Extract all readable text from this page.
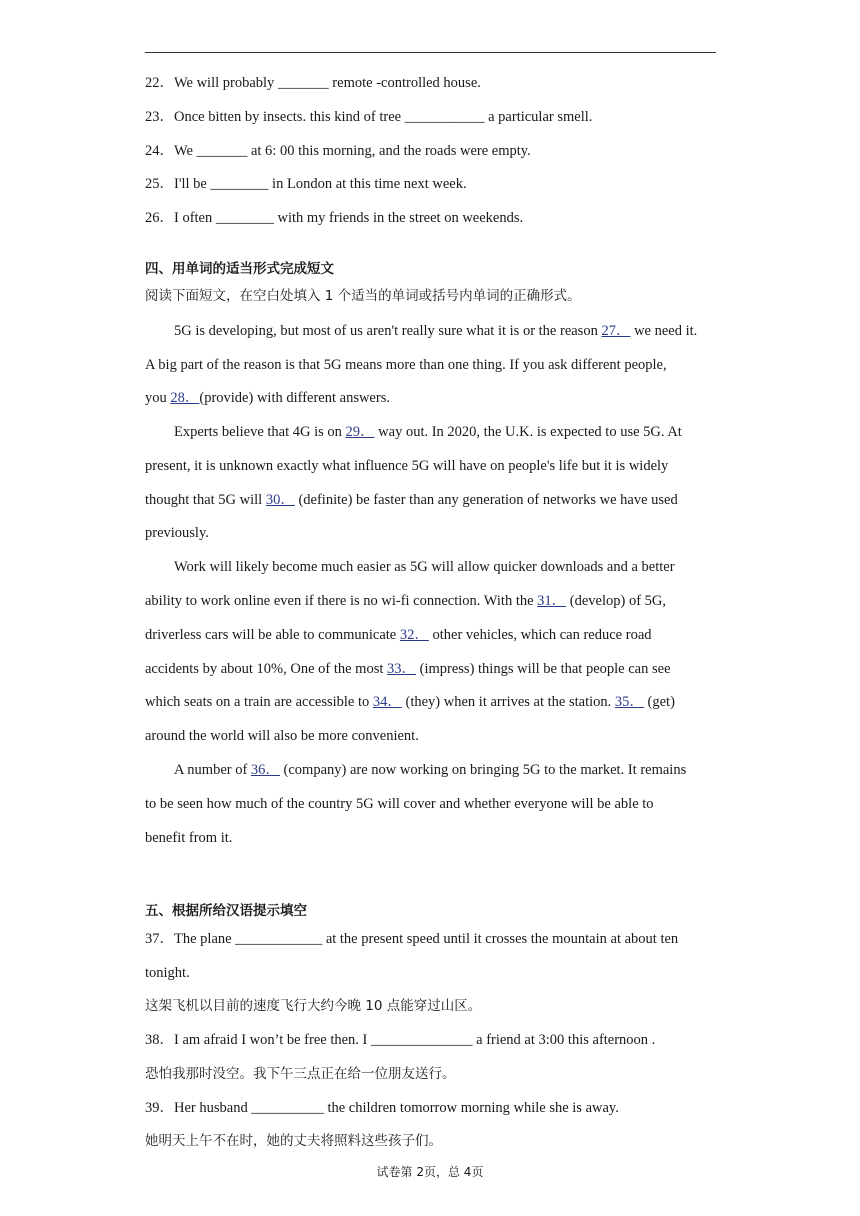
22．We will probably _______ remote -controlled house.
23．Once bitten by insects. this kind of tree ___________ a particular smell.
24．We _______ at 6: 00 this morning, and the roads were empty.
25．I'll be ________ in London at this time next week.
26．I often ________ with my friends in the street on weekends.
四、用单词的适当形式完成短文
阅读下面短文，在空白处填入 1 个适当的单词或括号内单词的正确形式。
5G is developing, but most of us aren't really sure what it is or the reason 27． we need it.
A big part of the reason is that 5G means more than one thing. If you ask different people,
you 28．(provide) with different answers.
Experts believe that 4G is on 29． way out. In 2020, the U.K. is expected to use 5G. At
present, it is unknown exactly what influence 5G will have on people's life but it is widely
thought that 5G will 30． (definite) be faster than any generation of networks we have used
previously.
Work will likely become much easier as 5G will allow quicker downloads and a better
ability to work online even if there is no wi-fi connection. With the 31． (develop) of 5G,
driverless cars will be able to communicate 32． other vehicles, which can reduce road
accidents by about 10%, One of the most 33． (impress) things will be that people can see
which seats on a train are accessible to 34． (they) when it arrives at the station. 35． (get)
around the world will also be more convenient.
A number of 36． (company) are now working on bringing 5G to the market. It remains
to be seen how much of the country 5G will cover and whether everyone will be able to
benefit from it.
五、根据所给汉语提示填空
37．The plane ____________ at the present speed until it crosses the mountain at about ten
tonight.
这架飞机以目前的速度飞行大约今晚 10 点能穿过山区。
38．I am afraid I won’t be free then. I ______________ a friend at 3:00 this afternoon .
恐怕我那时没空。我下午三点正在给一位朋友送行。
39．Her husband __________ the children tomorrow morning while she is away.
她明天上午不在时，她的丈夫将照料这些孩子们。
试卷第 2页，总 4页
